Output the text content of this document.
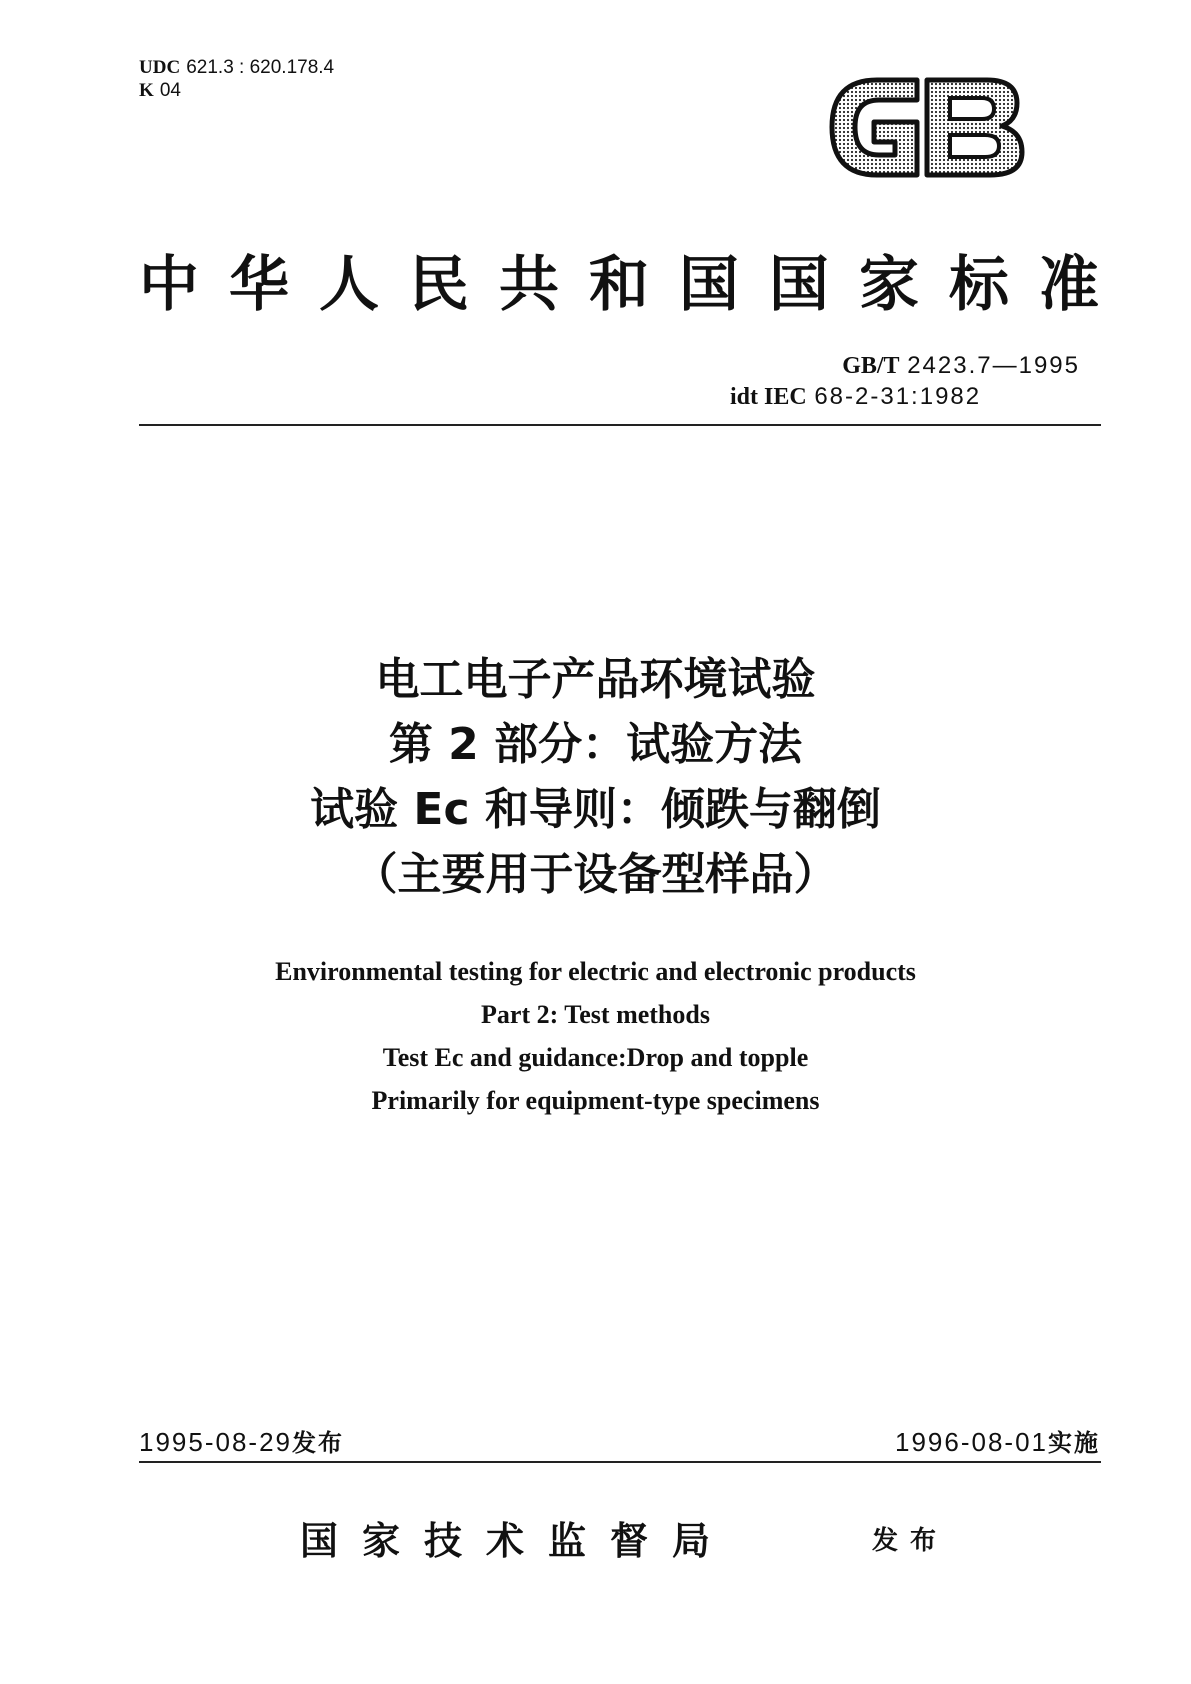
UDC 621.3 : 620.178.4
K 04
中华人民共和国国家标准
GB/T 2423.7—1995
idt IEC 68-2-31:1982
电工电子产品环境试验
第 2 部分：试验方法
试验 Ec 和导则：倾跌与翻倒
（主要用于设备型样品）
Environmental testing for electric and electronic products
Part 2: Test methods
Test Ec and guidance:Drop and topple
Primarily for equipment-type specimens
1995-08-29发布	1996-08-01实施
国家技术监督局	发布
